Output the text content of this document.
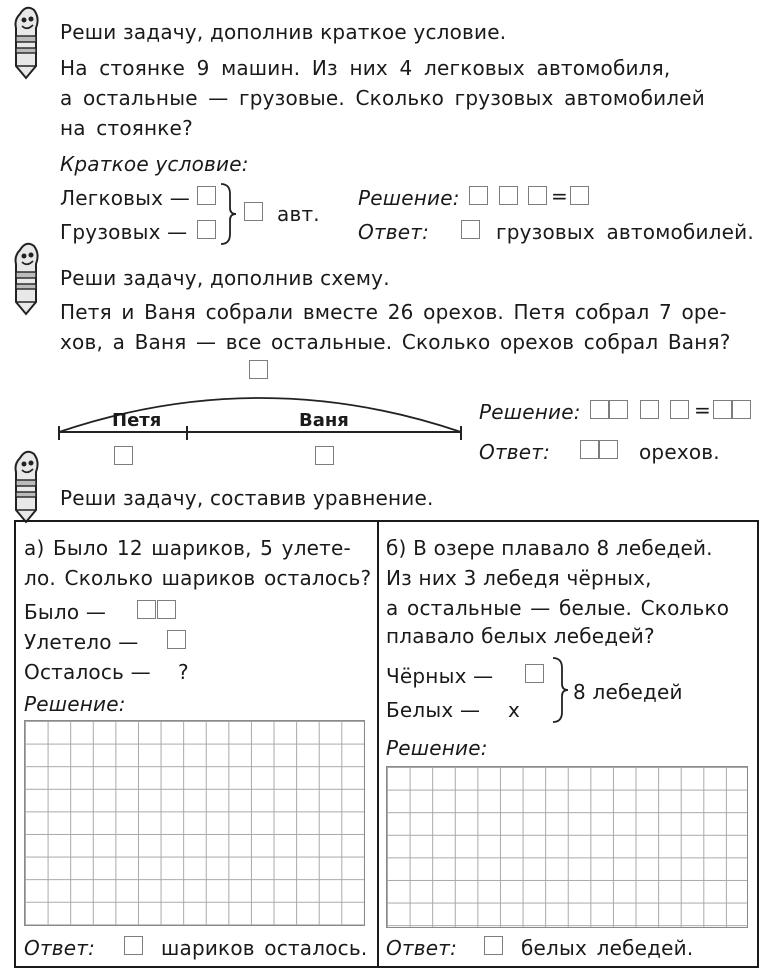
Реши задачу, дополнив краткое условие.
На стоянке 9 машин. Из них 4 легковых автомобиля,
а остальные — грузовые. Сколько грузовых автомобилей
на стоянке?
Краткое условие:
Легковых —
Грузовых —
авт.
Решение:	=
Ответ:	грузовых автомобилей.
Реши задачу, дополнив схему.
Петя и Ваня собрали вместе 26 орехов. Петя собрал 7 оре-
хов, а Ваня — все остальные. Сколько орехов собрал Ваня?
Петя	Ваня	Решение:	=
Ответ:	орехов.
Реши задачу, составив уравнение.
а) Было 12 шариков, 5 улете-
ло. Сколько шариков осталось?
Было —
Улетело —
Осталось — ?
Решение:
Ответ:	шариков осталось.
б) В озере плавало 8 лебедей.
Из них 3 лебедя чёрных,
а остальные — белые. Сколько
плавало белых лебедей?
Чёрных —
Белых — х
8 лебедей
Решение:
Ответ:	белых лебедей.
